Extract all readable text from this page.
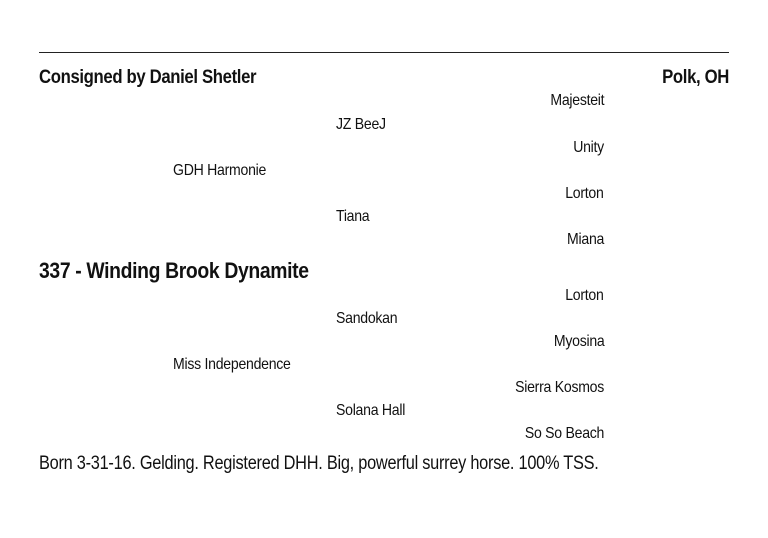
Consigned by Daniel Shetler	Polk, OH
Majesteit
JZ BeeJ
Unity
GDH Harmonie
Lorton
Tiana
Miana
337 - Winding Brook Dynamite
Lorton
Sandokan
Myosina
Miss Independence
Sierra Kosmos
Solana Hall
So So Beach
Born 3-31-16. Gelding. Registered DHH. Big, powerful surrey horse. 100% TSS.
